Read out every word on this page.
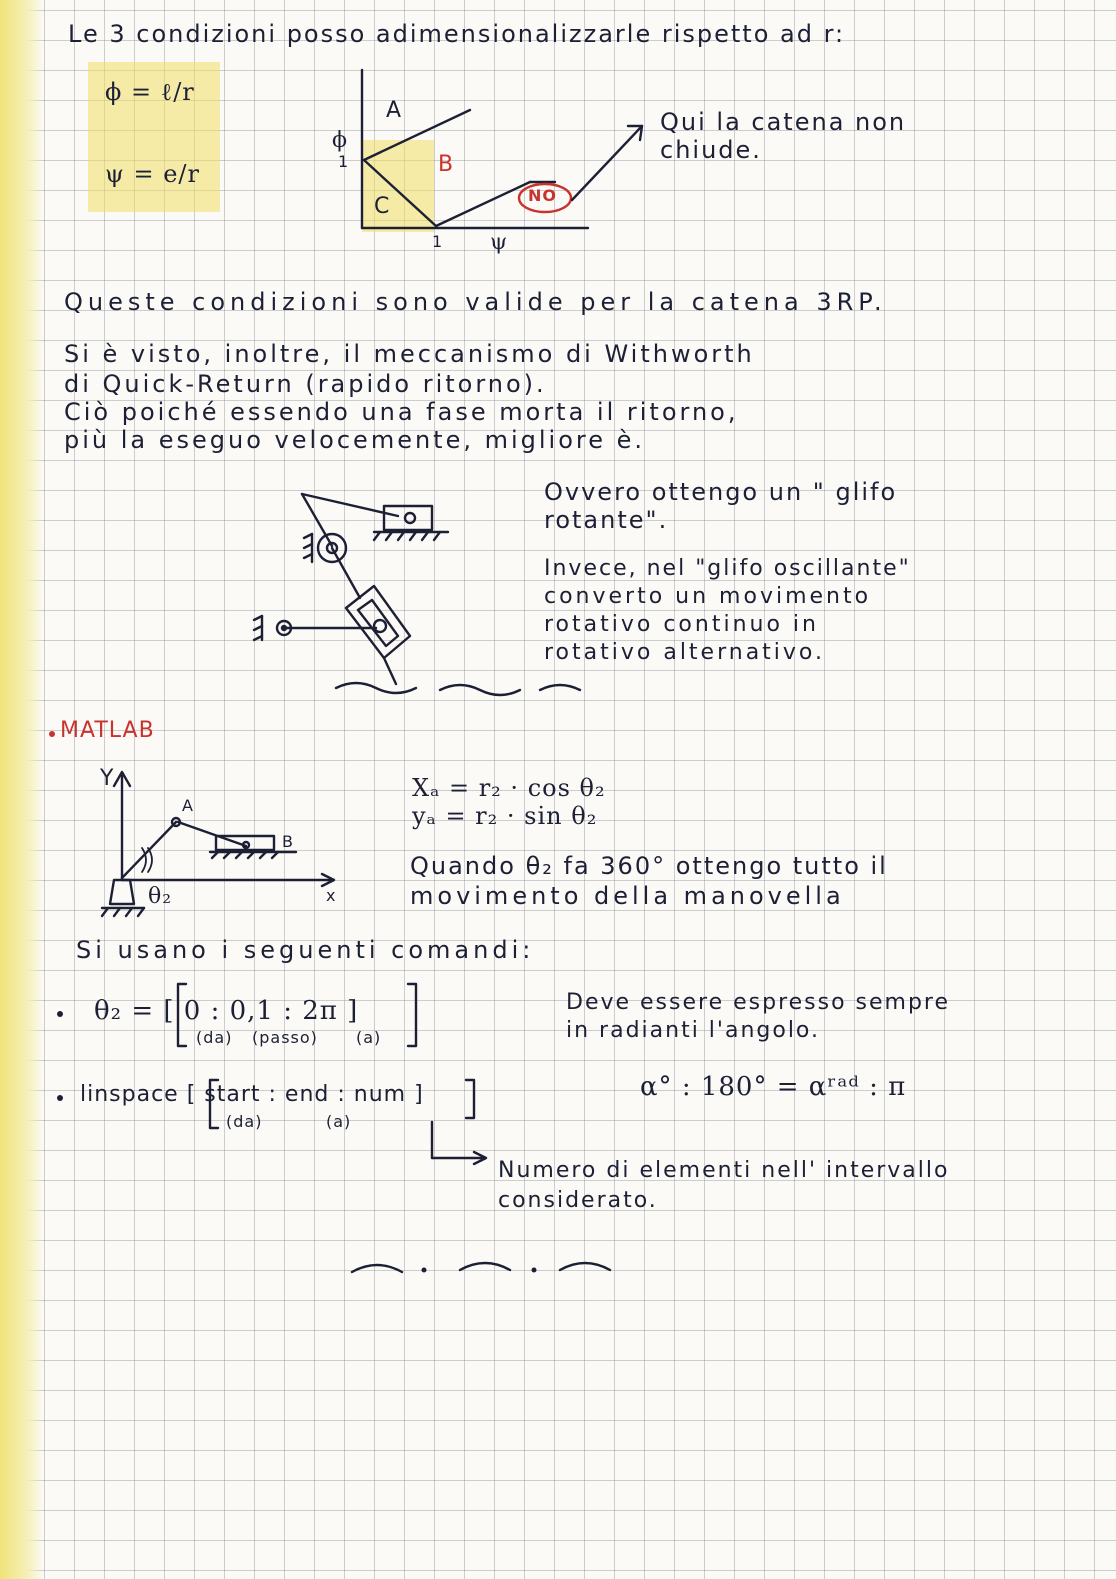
Le 3 condizioni posso adimensionalizzarle rispetto ad r:
ϕ = ℓ/r
ψ = e/r
A
B
C
ϕ
1
1 ψ
NO
Qui la catena non
chiude.
Queste condizioni sono valide per la catena 3RP.
Si è visto, inoltre, il meccanismo di Withworth
di Quick-Return (rapido ritorno).
Ciò poiché essendo una fase morta il ritorno,
più la eseguo velocemente, migliore è.
Ovvero ottengo un " glifo
rotante".
Invece, nel "glifo oscillante"
converto un movimento
rotativo continuo in
rotativo alternativo.
MATLAB
Y
x
A
B
θ₂
Xₐ = r₂ · cos θ₂
yₐ = r₂ · sin θ₂
Quando θ₂ fa 360° ottengo tutto il
movimento della manovella
Si usano i seguenti comandi:
θ₂ = [ 0 : 0,1 : 2π ]
(da) (passo) (a)
Deve essere espresso sempre
in radianti l'angolo.
α° : 180° = αʳᵃᵈ : π
linspace [ start : end : num ]
(da)	(a)
Numero di elementi nell' intervallo
considerato.
